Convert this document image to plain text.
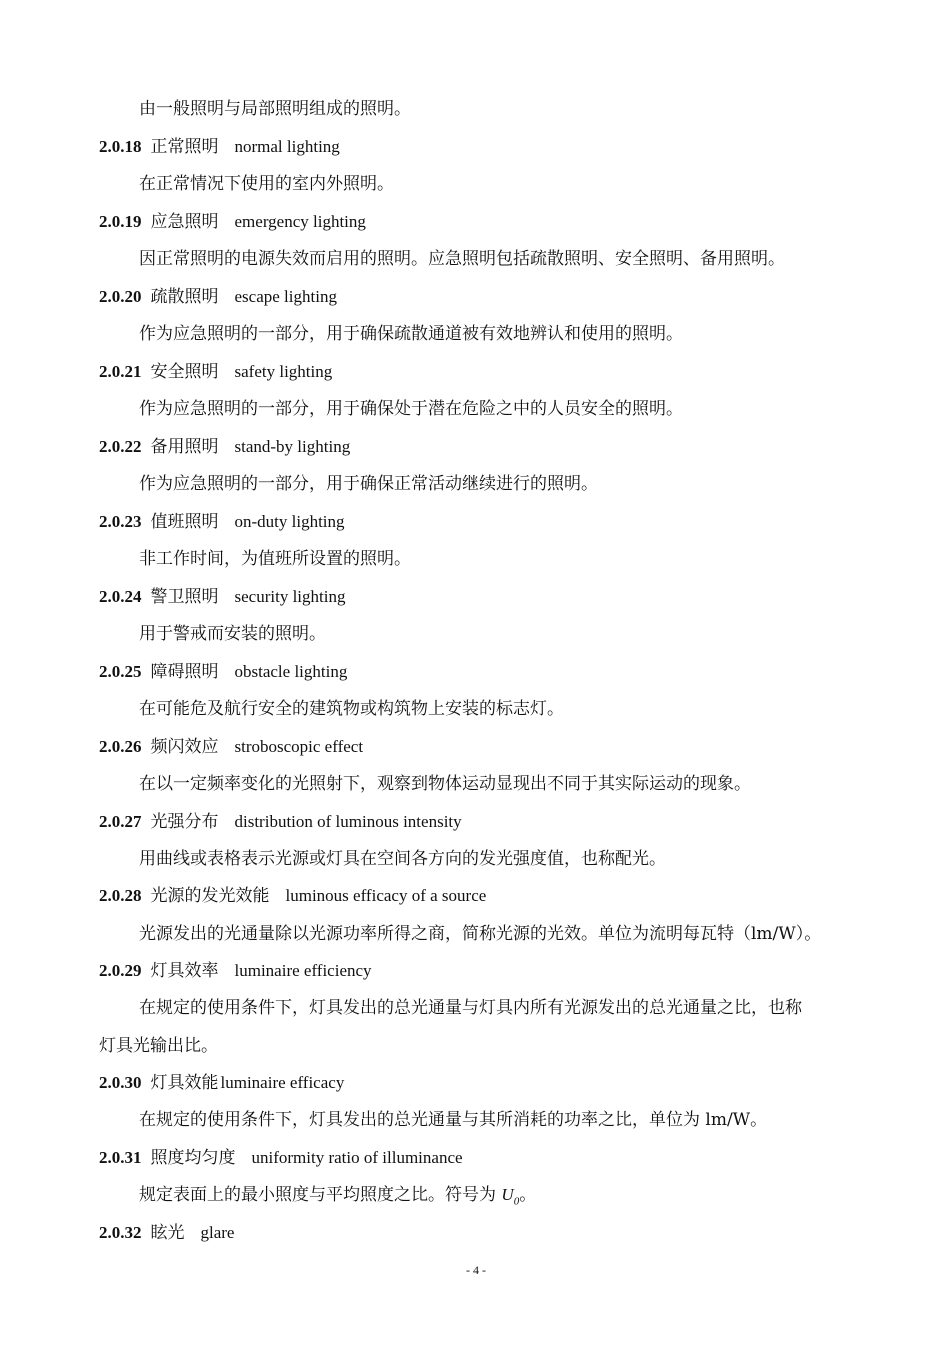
由一般照明与局部照明组成的照明。
2.0.18 正常照明 normal lighting
在正常情况下使用的室内外照明。
2.0.19 应急照明 emergency lighting
因正常照明的电源失效而启用的照明。应急照明包括疏散照明、安全照明、备用照明。
2.0.20 疏散照明 escape lighting
作为应急照明的一部分，用于确保疏散通道被有效地辨认和使用的照明。
2.0.21 安全照明 safety lighting
作为应急照明的一部分，用于确保处于潜在危险之中的人员安全的照明。
2.0.22 备用照明 stand-by lighting
作为应急照明的一部分，用于确保正常活动继续进行的照明。
2.0.23 值班照明 on-duty lighting
非工作时间，为值班所设置的照明。
2.0.24 警卫照明 security lighting
用于警戒而安装的照明。
2.0.25 障碍照明 obstacle lighting
在可能危及航行安全的建筑物或构筑物上安装的标志灯。
2.0.26 频闪效应 stroboscopic effect
在以一定频率变化的光照射下，观察到物体运动显现出不同于其实际运动的现象。
2.0.27 光强分布 distribution of luminous intensity
用曲线或表格表示光源或灯具在空间各方向的发光强度值，也称配光。
2.0.28 光源的发光效能 luminous efficacy of a source
光源发出的光通量除以光源功率所得之商，简称光源的光效。单位为流明每瓦特（lm/W）。
2.0.29 灯具效率 luminaire efficiency
在规定的使用条件下，灯具发出的总光通量与灯具内所有光源发出的总光通量之比，也称
灯具光输出比。
2.0.30 灯具效能 luminaire efficacy
在规定的使用条件下，灯具发出的总光通量与其所消耗的功率之比，单位为 lm/W。
2.0.31 照度均匀度 uniformity ratio of illuminance
规定表面上的最小照度与平均照度之比。符号为 $U_0$。
2.0.32 眩光 glare
- 4 -
